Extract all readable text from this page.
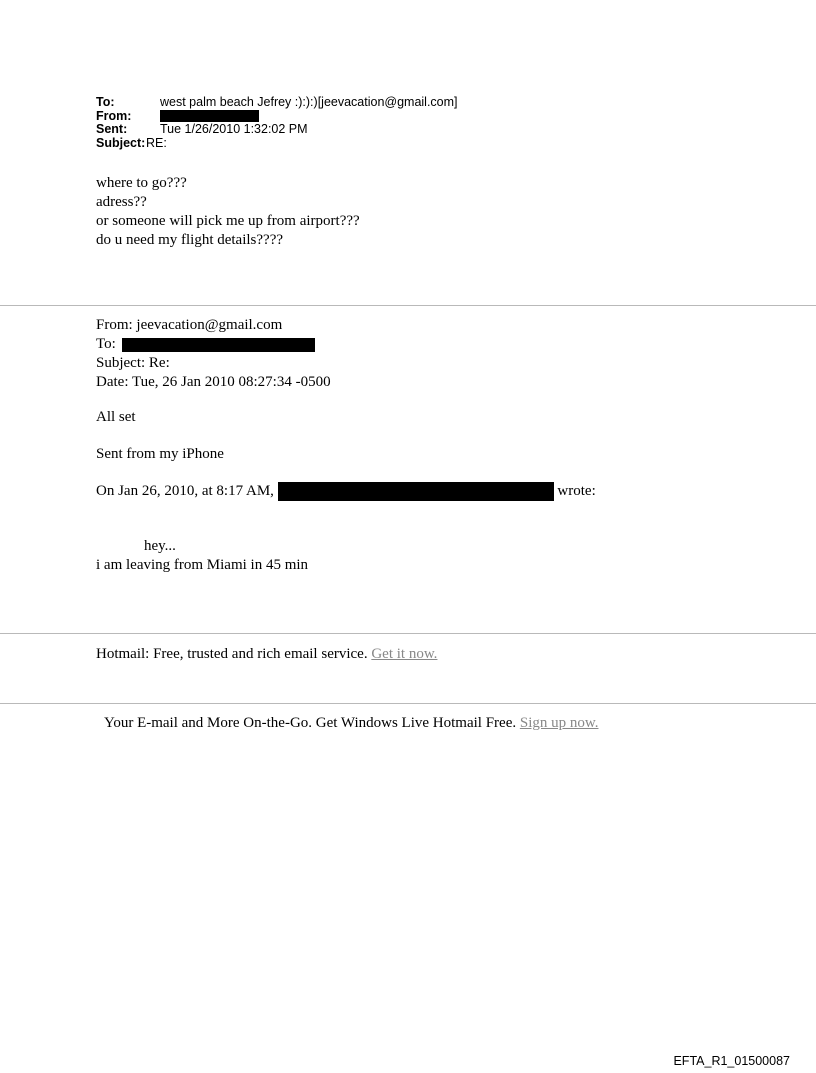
To:	west palm beach Jefrey :):):)[jeevacation@gmail.com]
From:
Sent:	Tue 1/26/2010 1:32:02 PM
Subject: RE:
where to go???
adress??
or someone will pick me up from airport???
do u need my flight details????
From: jeevacation@gmail.com
To:
Subject: Re:
Date: Tue, 26 Jan 2010 08:27:34 -0500
All set
Sent from my iPhone
On Jan 26, 2010, at 8:17 AM,	wrote:
hey...
i am leaving from Miami in 45 min
Hotmail: Free, trusted and rich email service. Get it now.
Your E-mail and More On-the-Go. Get Windows Live Hotmail Free. Sign up now.
EFTA_R1_01500087
